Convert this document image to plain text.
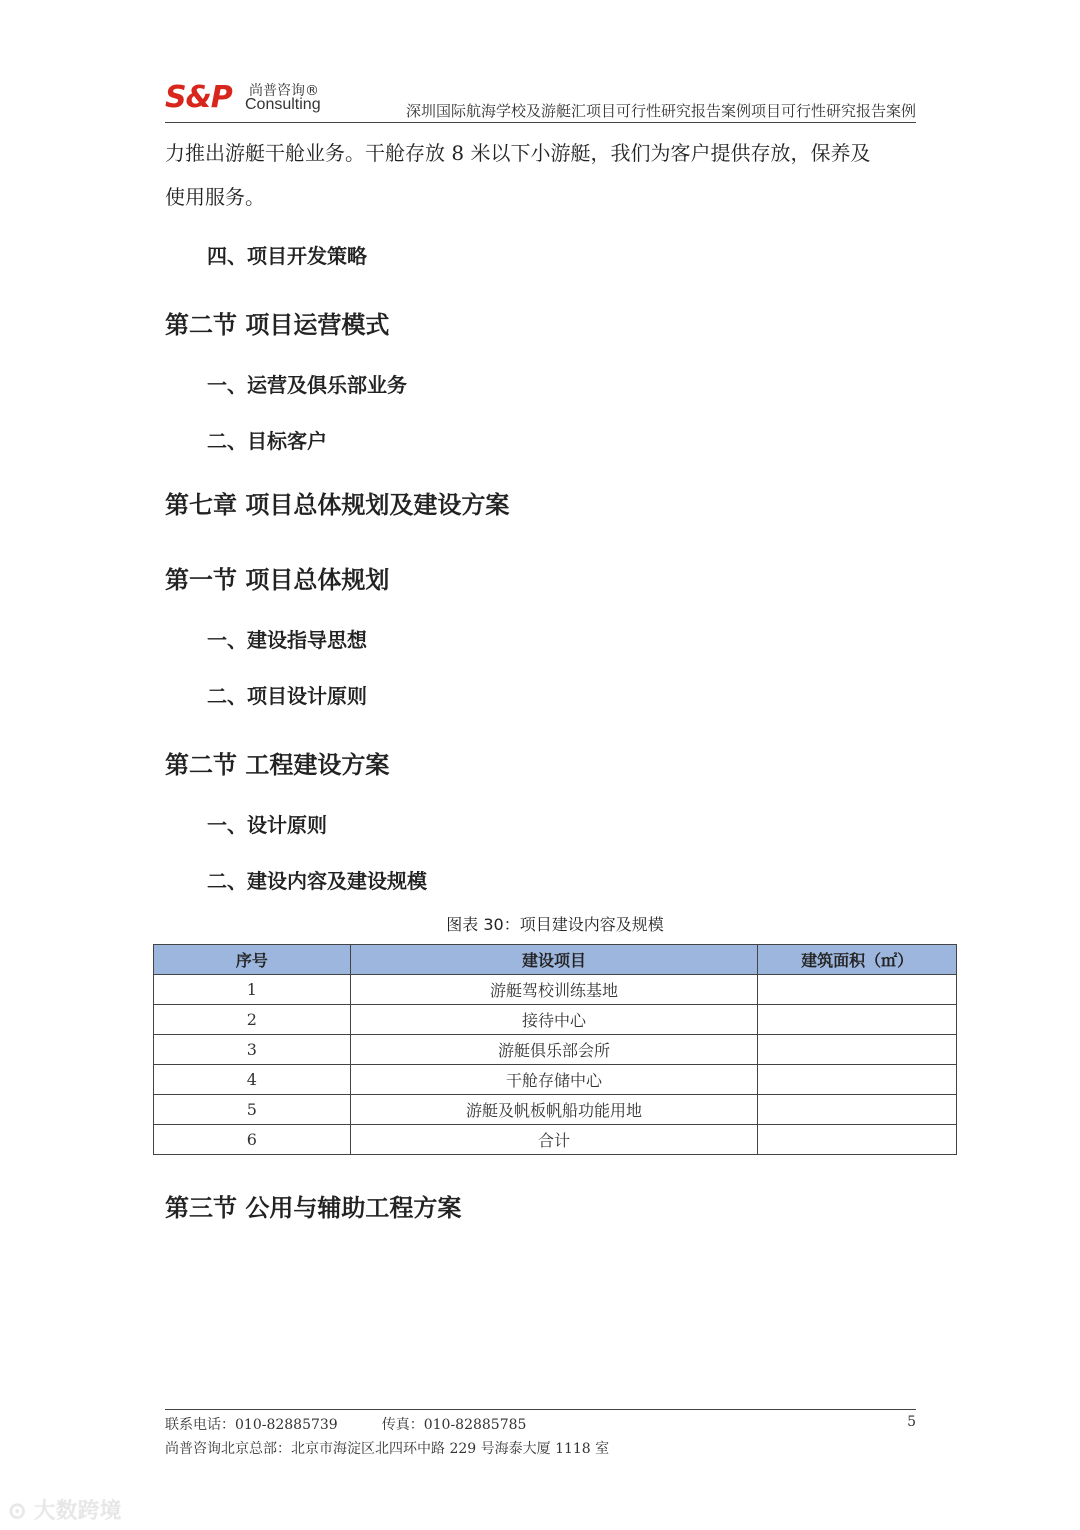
S&P 尚普咨询®
Consulting	深圳国际航海学校及游艇汇项目可行性研究报告案例项目可行性研究报告案例
力推出游艇干舱业务。干舱存放 8 米以下小游艇，我们为客户提供存放，保养及
使用服务。
四、项目开发策略
第二节 项目运营模式
一、运营及俱乐部业务
二、目标客户
第七章 项目总体规划及建设方案
第一节 项目总体规划
一、建设指导思想
二、项目设计原则
第二节 工程建设方案
一、设计原则
二、建设内容及建设规模
图表 30：项目建设内容及规模
序号	建设项目	建筑面积（㎡）
1	游艇驾校训练基地	
2	接待中心	
3	游艇俱乐部会所	
4	干舱存储中心	
5	游艇及帆板帆船功能用地	
6	合计	
第三节 公用与辅助工程方案
联系电话：010-82885739	传真：010-82885785	5
尚普咨询北京总部：北京市海淀区北四环中路 229 号海泰大厦 1118 室
⊙ 大数跨境
